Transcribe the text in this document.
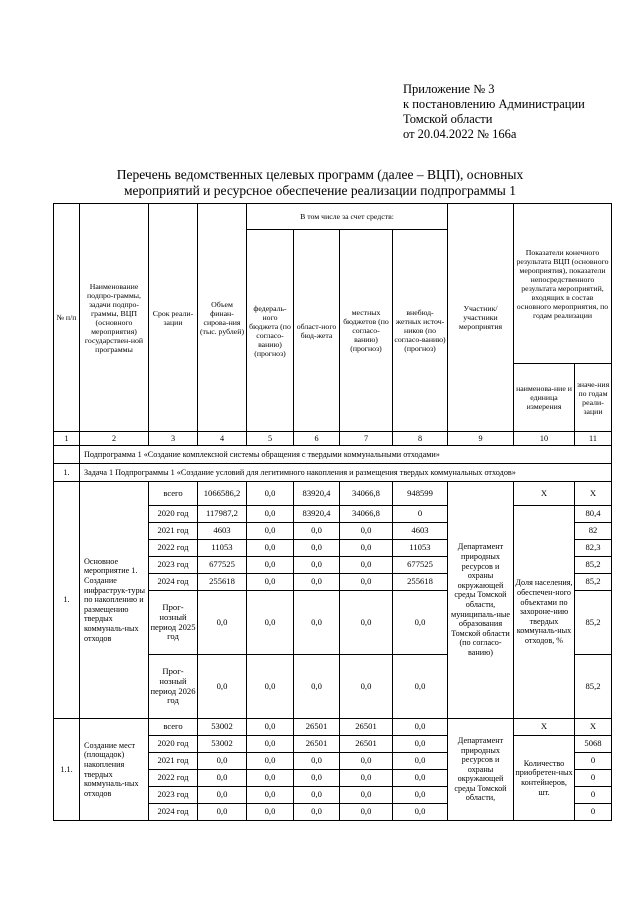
Приложение № 3
к постановлению Администрации
Томской области
от 20.04.2022 № 166а
Перечень ведомственных целевых программ (далее – ВЦП), основных
мероприятий и ресурсное обеспечение реализации подпрограммы 1
№ п/п	Наименование подпро-граммы, задачи подпро-граммы, ВЦП (основного мероприятия) государствен-ной программы	Срок реали-зации	Объем финан-сирова-ния (тыс. рублей)	В том числе за счет средств:				Участник/ участники мероприятия	Показатели конечного результата ВЦП (основного мероприятия), показатели непосредственного результата мероприятий, входящих в состав основного мероприятия, по годам реализации	
				федераль-ного бюджета (по согласо-ванию) (прогноз)	област-ного бюд-жета	местных бюджетов (по согласо-ванию) (прогноз)	внебюд-жетных источ-ников (по согласо-ванию) (прогноз)			
									наименова-ние и единица измерения	значе-ния по годам реали-зации
1	2	3	4	5	6	7	8	9	10	11
	Подпрограмма 1 «Создание комплексной системы обращения с твердыми коммунальными отходами»									
1.	Задача 1 Подпрограммы 1 «Создание условий для легитимного накопления и размещения твердых коммунальных отходов»									
1.	Основное мероприятие 1. Создание инфраструк-туры по накоплению и размещению твердых коммуналь-ных отходов	всего	1066586,2	0,0	83920,4	34066,8	948599	Департамент природных ресурсов и охраны окружающей среды Томской области, муниципаль-ные образования Томской области (по согласо-ванию)	Х	Х
		2020 год	117987,2	0,0	83920,4	34066,8	0		Доля населения, обеспечен-ного объектами по захороне-нию твердых коммуналь-ных отходов, %	80,4
		2021 год	4603	0,0	0,0	0,0	4603			82
		2022 год	11053	0,0	0,0	0,0	11053			82,3
		2023 год	677525	0,0	0,0	0,0	677525			85,2
		2024 год	255618	0,0	0,0	0,0	255618			85,2
		Прог-нозный период 2025 год	0,0	0,0	0,0	0,0	0,0			85,2
		Прог-нозный период 2026 год	0,0	0,0	0,0	0,0	0,0			85,2
1.1.	Создание мест (площадок) накопления твердых коммуналь-ных отходов	всего	53002	0,0	26501	26501	0,0	Департамент природных ресурсов и охраны окружающей среды Томской области,	Х	Х
		2020 год	53002	0,0	26501	26501	0,0		Количество приобретен-ных контейнеров, шт.	5068
		2021 год	0,0	0,0	0,0	0,0	0,0			0
		2022 год	0,0	0,0	0,0	0,0	0,0			0
		2023 год	0,0	0,0	0,0	0,0	0,0			0
		2024 год	0,0	0,0	0,0	0,0	0,0			0
